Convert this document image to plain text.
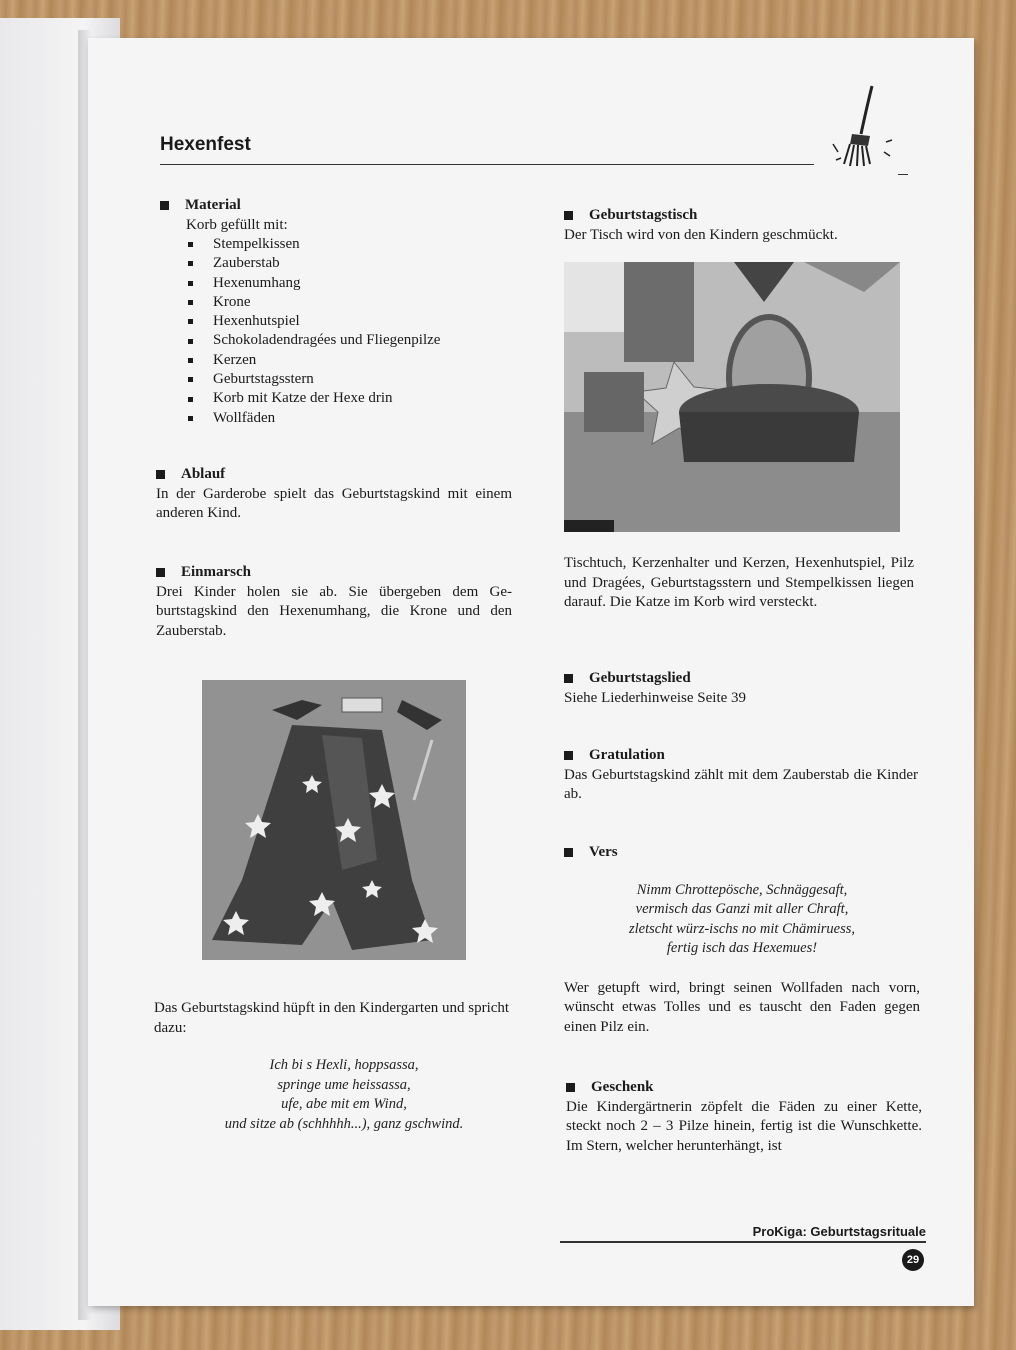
Hexenfest
Material
Korb gefüllt mit:
Stempelkissen
Zauberstab
Hexenumhang
Krone
Hexenhutspiel
Schokoladendragées und Fliegenpilze
Kerzen
Geburtstagsstern
Korb mit Katze der Hexe drin
Wollfäden
Ablauf

In der Garderobe spielt das Geburtstagskind mit einem anderen Kind.

Einmarsch

Drei Kinder holen sie ab. Sie übergeben dem Geburtstagskind den Hexenumhang, die Krone und den Zauberstab.

Das Geburtstagskind hüpft in den Kindergarten und spricht dazu:

Ich bi s Hexli, hoppsassa,
springe ume heissassa,
ufe, abe mit em Wind,
und sitze ab (schhhhh...), ganz gschwind.
Geburtstagstisch

Der Tisch wird von den Kindern geschmückt.

Tischtuch, Kerzenhalter und Kerzen, Hexenhutspiel, Pilz und Dragées, Geburtstagsstern und Stempelkissen liegen darauf. Die Katze im Korb wird versteckt.

Geburtstagslied

Siehe Liederhinweise Seite 39

Gratulation

Das Geburtstagskind zählt mit dem Zauberstab die Kinder ab.

Vers
Nimm Chrottepösche, Schnäggesaft,
vermisch das Ganzi mit aller Chraft,
zletscht würz-ischs no mit Chämiruess,
fertig isch das Hexemues!

Wer getupft wird, bringt seinen Wollfaden nach vorn, wünscht etwas Tolles und es tauscht den Faden gegen einen Pilz ein.

Geschenk

Die Kindergärtnerin zöpfelt die Fäden zu einer Kette, steckt noch 2 – 3 Pilze hinein, fertig ist die Wunschkette. Im Stern, welcher herunterhängt, ist

ProKiga: Geburtstagsrituale
29
